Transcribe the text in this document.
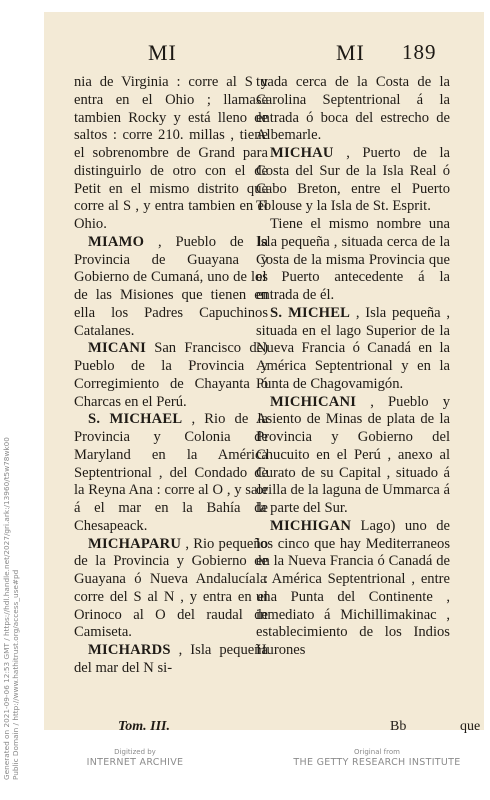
MI	MI 189

nia de Virginia : corre al S y entra en el Ohio ; llamase tambien Rocky y está lleno de saltos : corre 210. millas , tiene el sobrenombre de Grand para distinguirlo de otro con el de Petit en el mismo distrito que corre al S , y entra tambien en el Ohio.

MIAMO , Pueblo de la Provincia de Guayana y Gobierno de Cumaná, uno de los de las Misiones que tienen en ella los Padres Capuchinos Catalanes.

MICANI San Francisco de) Pueblo de la Provincia y Corregimiento de Chayanta ó Charcas en el Perú.

S. MICHAEL , Rio de la Provincia y Colonia de Maryland en la América Septentrional , del Condado de la Reyna Ana : corre al O , y sale á el mar en la Bahía de Chesapeack.

MICHAPARU , Rio pequeño de la Provincia y Gobierno de Guayana ó Nueva Andalucía : corre del S al N , y entra en el Orinoco al O del raudal de Camiseta.

MICHARDS , Isla pequeña del mar del N si-

tuada cerca de la Costa de la Carolina Septentrional á la entrada ó boca del estrecho de Albemarle.

MICHAU , Puerto de la Costa del Sur de la Isla Real ó Cabo Breton, entre el Puerto Tolouse y la Isla de St. Esprit.

Tiene el mismo nombre una Isla pequeña , situada cerca de la Costa de la misma Provincia que el Puerto antecedente á la entrada de él.

S. MICHEL , Isla pequeña , situada en el lago Superior de la Nueva Francia ó Canadá en la América Septentrional y en la Punta de Chagovamigón.

MICHICANI , Pueblo y Asiento de Minas de plata de la Provincia y Gobierno del Chucuito en el Perú , anexo al Curato de su Capital , situado á orilla de la laguna de Ummarca á la parte del Sur.

MICHIGAN Lago) uno de los cinco que hay Mediterraneos en la Nueva Francia ó Canadá de la América Septentrional , entre una Punta del Continente , inmediato á Michillimakinac , establecimiento de los Indios Hurones

Tom. III.	Bb	que
Generated on 2021-09-06 12:53 GMT / https://hdl.handle.net/2027/gri.ark:/13960/t5w78wk00 Public Domain / http://www.hathitrust.org/access_use#pd	Digitized by
INTERNET ARCHIVE
Original from
THE GETTY RESEARCH INSTITUTE
